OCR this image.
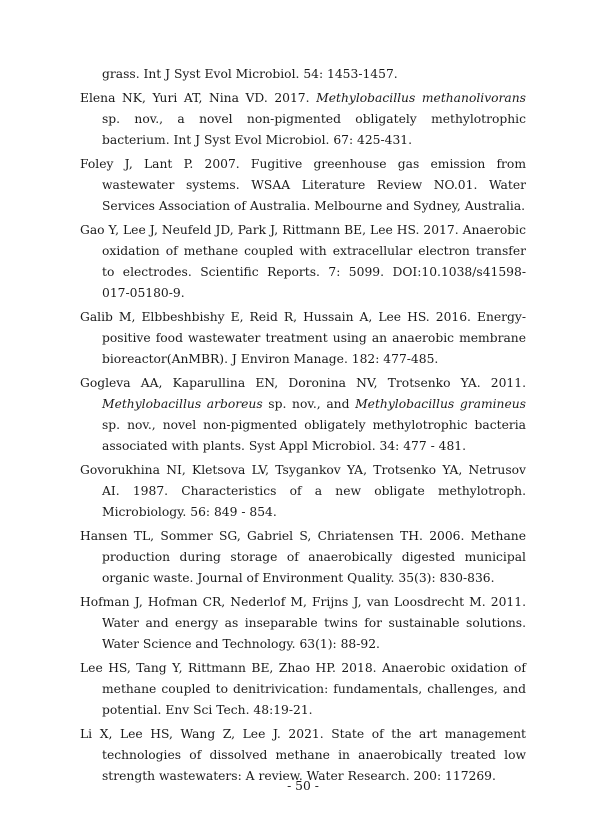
grass. Int J Syst Evol Microbiol. 54: 1453-1457.
Elena NK, Yuri AT, Nina VD. 2017. Methylobacillus methanolivorans sp. nov., a novel non-pigmented obligately methylotrophic bacterium. Int J Syst Evol Microbiol. 67: 425-431.
Foley J, Lant P. 2007. Fugitive greenhouse gas emission from wastewater systems. WSAA Literature Review NO.01. Water Services Association of Australia. Melbourne and Sydney, Australia.
Gao Y, Lee J, Neufeld JD, Park J, Rittmann BE, Lee HS. 2017. Anaerobic oxidation of methane coupled with extracellular electron transfer to electrodes. Scientific Reports. 7: 5099. DOI:10.1038/s41598-017-05180-9.
Galib M, Elbbeshbishy E, Reid R, Hussain A, Lee HS. 2016. Energy-positive food wastewater treatment using an anaerobic membrane bioreactor(AnMBR). J Environ Manage. 182: 477-485.
Gogleva AA, Kaparullina EN, Doronina NV, Trotsenko YA. 2011. Methylobacillus arboreus sp. nov., and Methylobacillus gramineus sp. nov., novel non-pigmented obligately methylotrophic bacteria associated with plants. Syst Appl Microbiol. 34: 477 - 481.
Govorukhina NI, Kletsova LV, Tsygankov YA, Trotsenko YA, Netrusov AI. 1987. Characteristics of a new obligate methylotroph. Microbiology. 56: 849 - 854.
Hansen TL, Sommer SG, Gabriel S, Chriatensen TH. 2006. Methane production during storage of anaerobically digested municipal organic waste. Journal of Environment Quality. 35(3): 830-836.
Hofman J, Hofman CR, Nederlof M, Frijns J, van Loosdrecht M. 2011. Water and energy as inseparable twins for sustainable solutions. Water Science and Technology. 63(1): 88-92.
Lee HS, Tang Y, Rittmann BE, Zhao HP. 2018. Anaerobic oxidation of methane coupled to denitrivication: fundamentals, challenges, and potential. Env Sci Tech. 48:19-21.
Li X, Lee HS, Wang Z, Lee J. 2021. State of the art management technologies of dissolved methane in anaerobically treated low strength wastewaters: A review. Water Research. 200: 117269.
- 50 -
